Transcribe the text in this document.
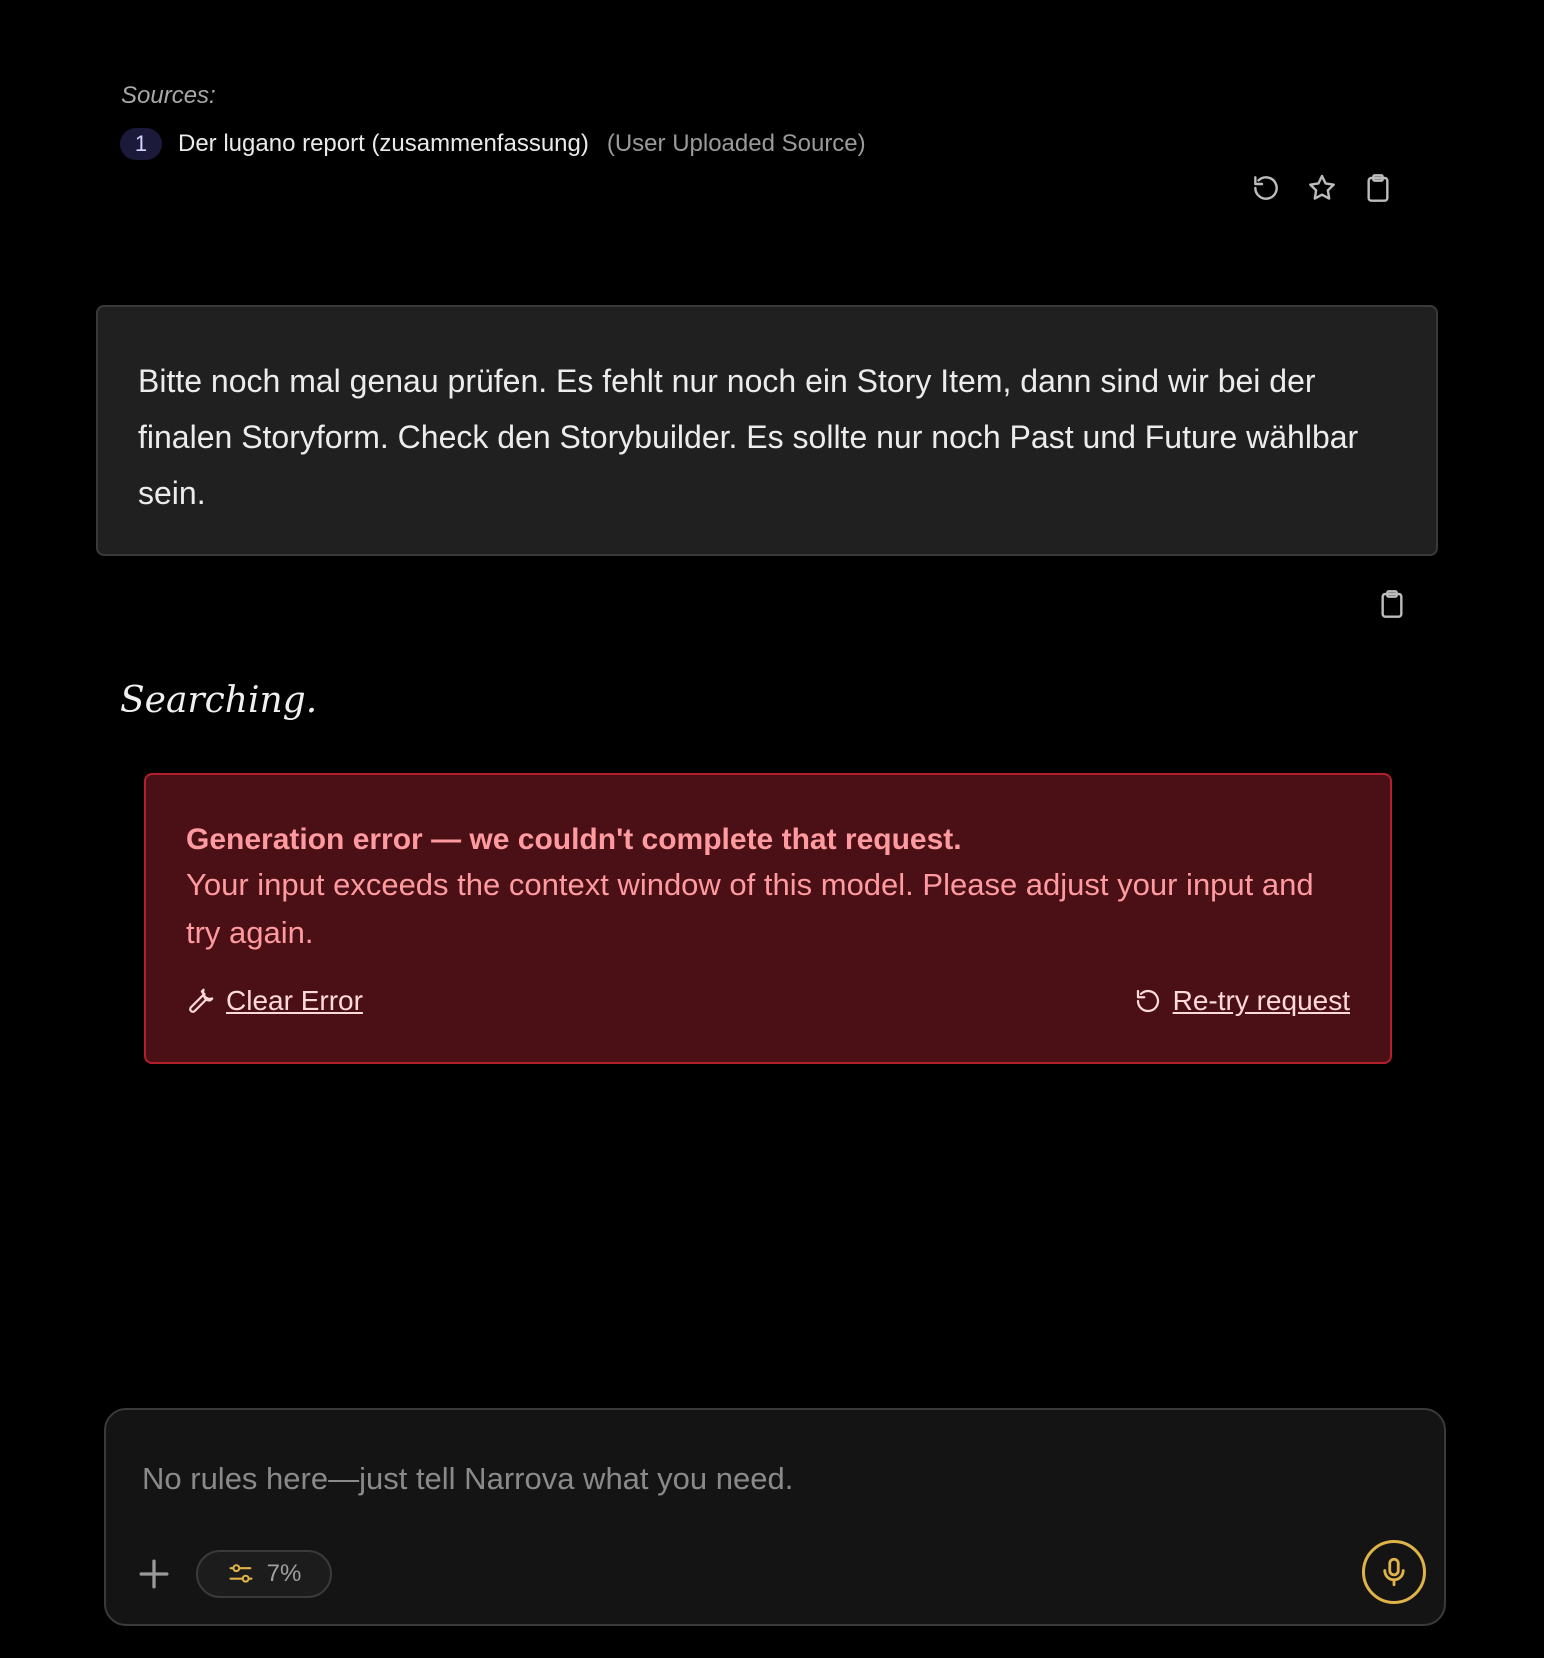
Sources:
1	Der lugano report (zusammenfassung) (User Uploaded Source)
Bitte noch mal genau prüfen. Es fehlt nur noch ein Story Item, dann sind wir bei der finalen Storyform. Check den Storybuilder. Es sollte nur noch Past und Future wählbar sein.
Searching.
Generation error — we couldn't complete that request.
Your input exceeds the context window of this model. Please adjust your input and try again.
Clear Error	Re-try request
No rules here—just tell Narrova what you need.
7%
